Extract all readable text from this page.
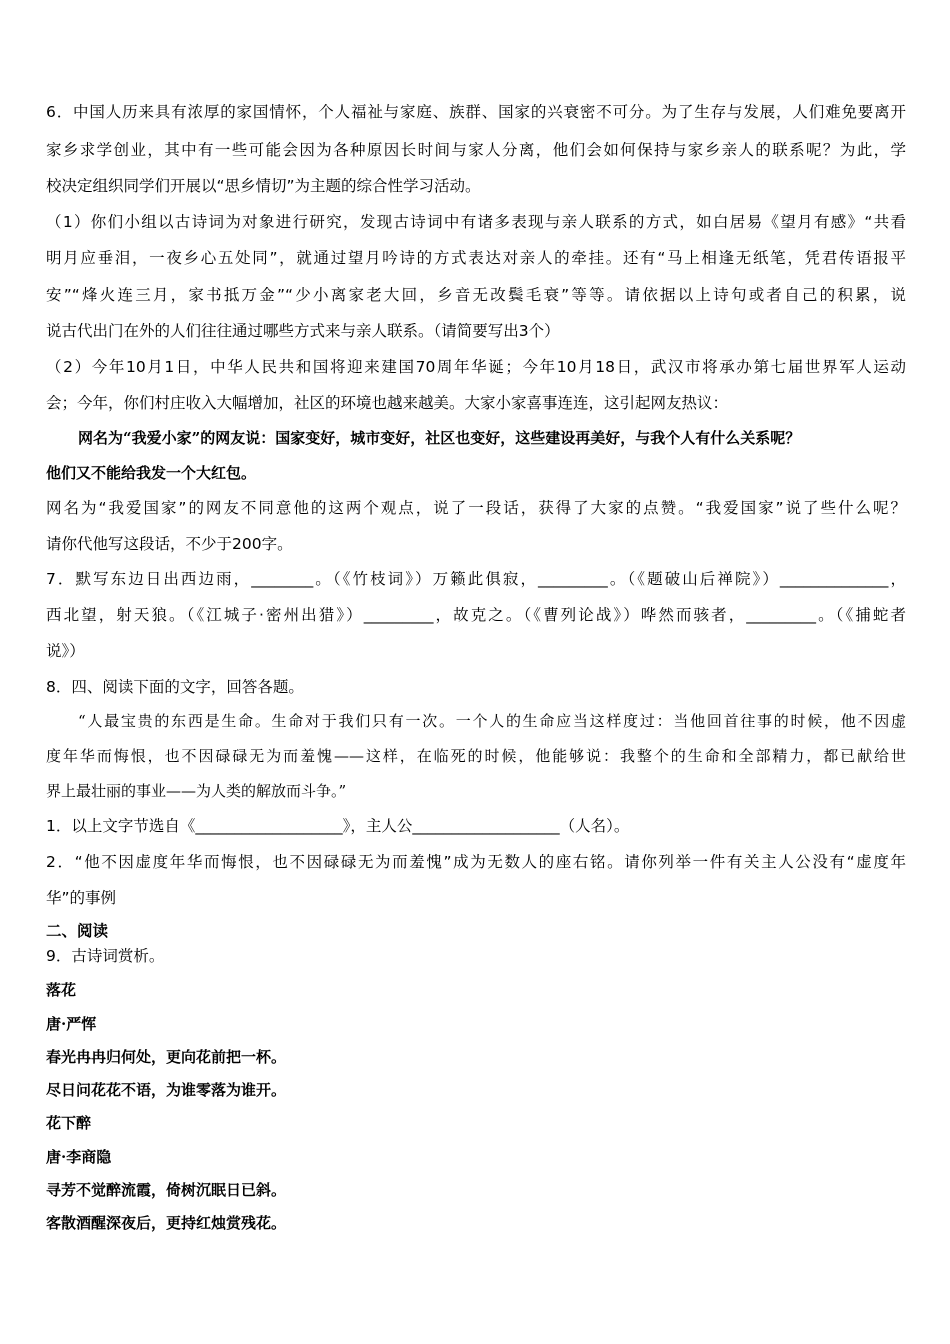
6．中国人历来具有浓厚的家国情怀，个人福祉与家庭、族群、国家的兴衰密不可分。为了生存与发展，人们难免要离开
家乡求学创业，其中有一些可能会因为各种原因长时间与家人分离，他们会如何保持与家乡亲人的联系呢？为此，学
校决定组织同学们开展以“思乡情切”为主题的综合性学习活动。
（1）你们小组以古诗词为对象进行研究，发现古诗词中有诸多表现与亲人联系的方式，如白居易《望月有感》“共看
明月应垂泪，一夜乡心五处同”，就通过望月吟诗的方式表达对亲人的牵挂。还有“马上相逢无纸笔，凭君传语报平
安”“烽火连三月，家书抵万金”“少小离家老大回，乡音无改鬓毛衰”等等。请依据以上诗句或者自己的积累，说
说古代出门在外的人们往往通过哪些方式来与亲人联系。（请简要写出3个）
（2）今年10月1日，中华人民共和国将迎来建国70周年华诞；今年10月18日，武汉市将承办第七届世界军人运动
会；今年，你们村庄收入大幅增加，社区的环境也越来越美。大家小家喜事连连，这引起网友热议：
网名为“我爱小家”的网友说：国家变好，城市变好，社区也变好，这些建设再美好，与我个人有什么关系呢？
他们又不能给我发一个大红包。
网名为“我爱国家”的网友不同意他的这两个观点，说了一段话，获得了大家的点赞。“我爱国家”说了些什么呢？
请你代他写这段话，不少于200字。
7．默写东边日出西边雨，________。（《竹枝词》）万籁此俱寂，_________。（《题破山后禅院》）______________，
西北望，射天狼。（《江城子·密州出猎》）_________，故克之。（《曹列论战》）哗然而骇者，_________。（《捕蛇者
说》）
8．四、阅读下面的文字，回答各题。
“人最宝贵的东西是生命。生命对于我们只有一次。一个人的生命应当这样度过：当他回首往事的时候，他不因虚
度年华而悔恨，也不因碌碌无为而羞愧——这样，在临死的时候，他能够说：我整个的生命和全部精力，都已献给世
界上最壮丽的事业——为人类的解放而斗争。”
1．以上文字节选自《___________________》，主人公___________________（人名）。
2．“他不因虚度年华而悔恨，也不因碌碌无为而羞愧”成为无数人的座右铭。请你列举一件有关主人公没有“虚度年
华”的事例
二、阅读
9．古诗词赏析。
落花
唐·严恽
春光冉冉归何处，更向花前把一杯。
尽日问花花不语，为谁零落为谁开。
花下醉
唐·李商隐
寻芳不觉醉流霞，倚树沉眠日已斜。
客散酒醒深夜后，更持红烛赏残花。
